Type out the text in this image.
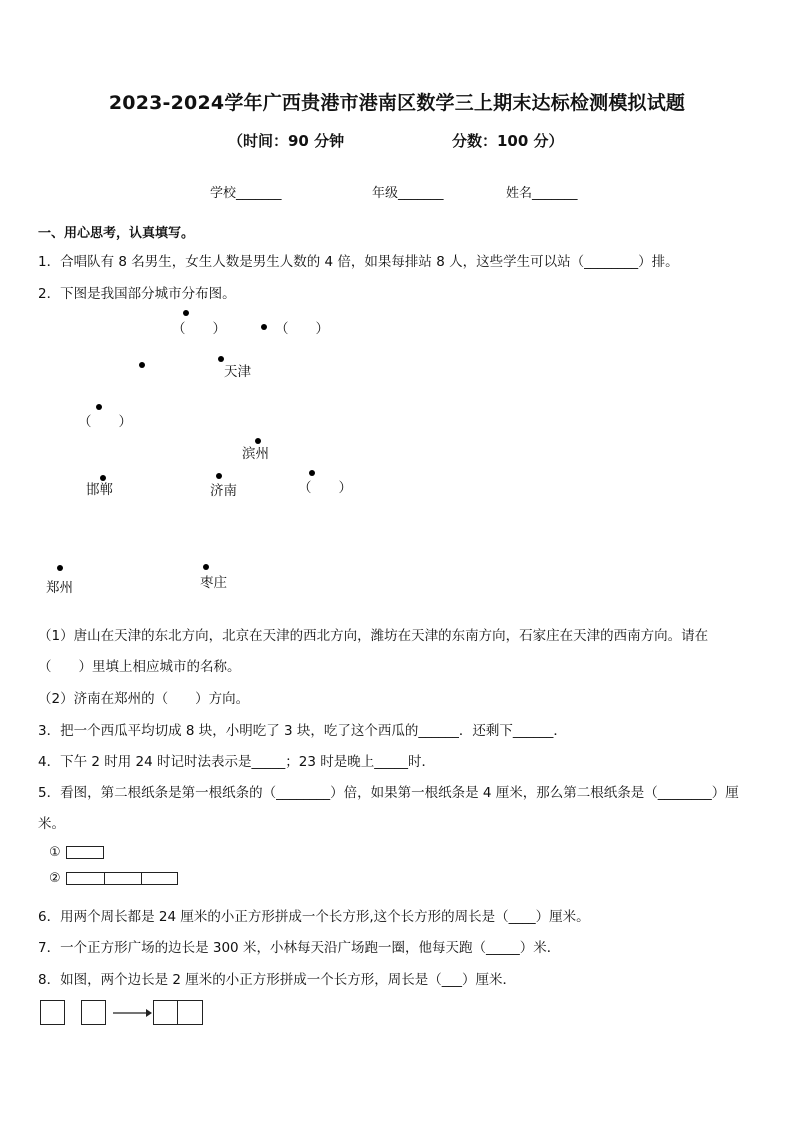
2023-2024学年广西贵港市港南区数学三上期末达标检测模拟试题
（时间：90 分钟	分数：100 分）
学校_______	年级_______	姓名_______
一、用心思考，认真填写。
1．合唱队有 8 名男生，女生人数是男生人数的 4 倍，如果每排站 8 人，这些学生可以站（________）排。
2．下图是我国部分城市分布图。
（　　）	（　　）
天津
（　　）
滨州
邯郸	济南	（　　）
郑州	枣庄
（1）唐山在天津的东北方向，北京在天津的西北方向，潍坊在天津的东南方向，石家庄在天津的西南方向。请在
（　　）里填上相应城市的名称。
（2）济南在郑州的（　　）方向。
3．把一个西瓜平均切成 8 块，小明吃了 3 块，吃了这个西瓜的______．还剩下______．
4．下午 2 时用 24 时记时法表示是_____；23 时是晚上_____时．
5．看图，第二根纸条是第一根纸条的（________）倍，如果第一根纸条是 4 厘米，那么第二根纸条是（________）厘
米。
①
②
6．用两个周长都是 24 厘米的小正方形拼成一个长方形,这个长方形的周长是（____）厘米。
7．一个正方形广场的边长是 300 米，小林每天沿广场跑一圈，他每天跑（_____）米．
8．如图，两个边长是 2 厘米的小正方形拼成一个长方形，周长是（___）厘米．
